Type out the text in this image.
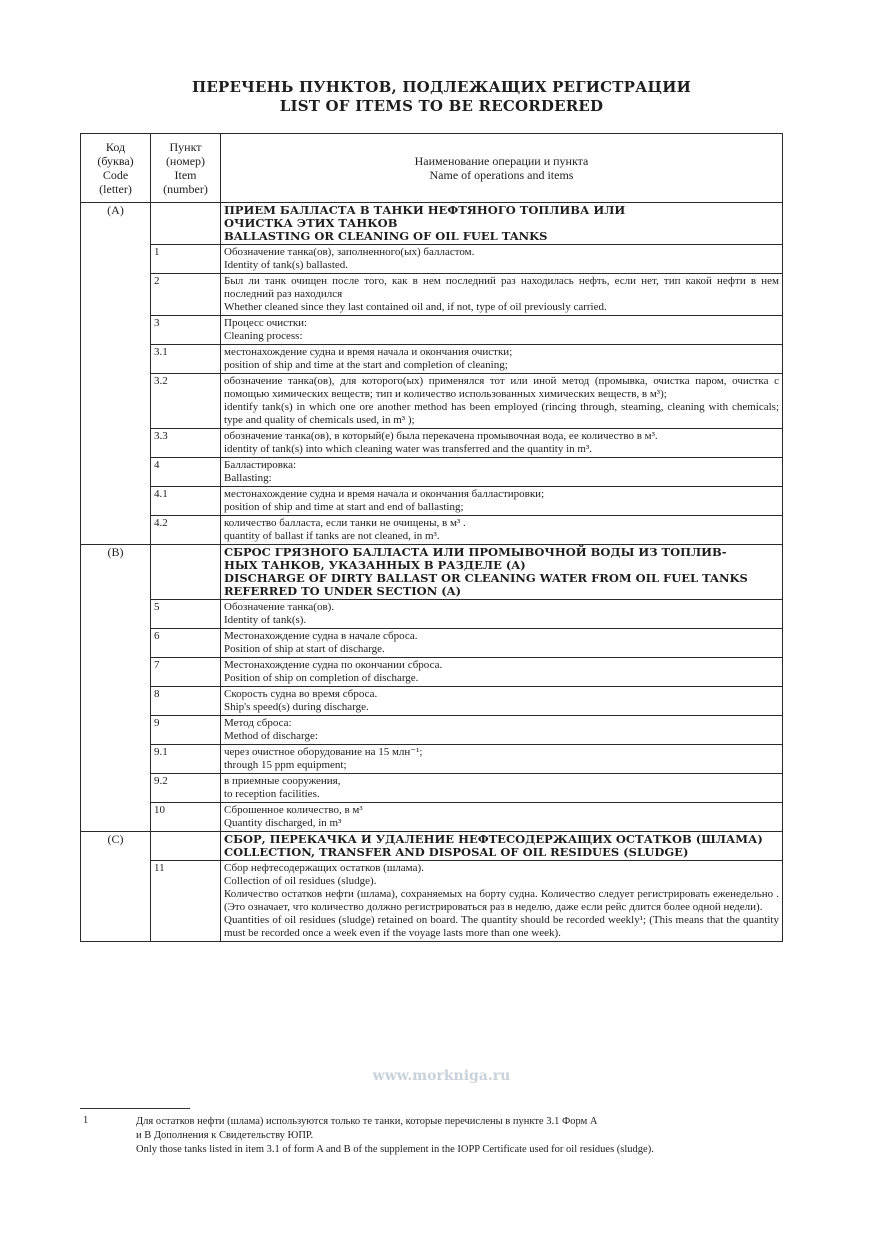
ПЕРЕЧЕНЬ ПУНКТОВ, ПОДЛЕЖАЩИХ РЕГИСТРАЦИИ
LIST OF ITEMS TO BE RECORDERED
Код
(буква)
Code
(letter)	Пункт
(номер)
Item
(number)	Наименование операции и пункта
Name of operations and items

(A)		ПРИЕМ БАЛЛАСТА В ТАНКИ НЕФТЯНОГО ТОПЛИВА ИЛИ
ОЧИСТКА ЭТИХ ТАНКОВ
BALLASTING OR CLEANING OF OIL FUEL TANKS

	1	Обозначение танка(ов), заполненного(ых) балластом.
Identity of tank(s) ballasted.

	2	Был ли танк очищен после того, как в нем последний раз находилась нефть, если нет, тип какой нефти в нем последний раз находился
Whether cleaned since they last contained oil and, if not, type of oil previously carried.

	3	Процесс очистки:
Cleaning process:

	3.1	местонахождение судна и время начала и окончания очистки;
position of ship and time at the start and completion of cleaning;

	3.2	обозначение танка(ов), для которого(ых) применялся тот или иной метод (промывка, очистка паром, очистка с помощью химических веществ; тип и количество использованных химических веществ, в м³);
identify tank(s) in which one ore another method has been employed (rincing through, steaming, cleaning with chemicals; type and quality of chemicals used, in m³ );

	3.3	обозначение танка(ов), в который(е) была перекачена промывочная вода, ее количество в м³.
identity of tank(s) into which cleaning water was transferred and the quantity in m³.

	4	Балластировка:
Ballasting:

	4.1	местонахождение судна и время начала и окончания балластировки;
position of ship and time at start and end of ballasting;

	4.2	количество балласта, если танки не очищены, в м³ .
quantity of ballast if tanks are not cleaned, in m³.

(B)		СБРОС ГРЯЗНОГО БАЛЛАСТА ИЛИ ПРОМЫВОЧНОЙ ВОДЫ ИЗ ТОПЛИВ-
НЫХ ТАНКОВ, УКАЗАННЫХ В РАЗДЕЛЕ (A)
DISCHARGE OF DIRTY BALLAST OR CLEANING WATER FROM OIL FUEL TANKS
REFERRED TO UNDER SECTION (A)

	5	Обозначение танка(ов).
Identity of tank(s).

	6	Местонахождение судна в начале сброса.
Position of ship at start of discharge.

	7	Местонахождение судна по окончании сброса.
Position of ship on completion of discharge.

	8	Скорость судна во время сброса.
Ship's speed(s) during discharge.

	9	Метод сброса:
Method of discharge:

	9.1	через очистное оборудование на 15 млн⁻¹;
through 15 ppm equipment;

	9.2	в приемные сооружения,
to reception facilities.

	10	Сброшенное количество, в м³
Quantity discharged, in m³

(C)		СБОР, ПЕРЕКАЧКА И УДАЛЕНИЕ НЕФТЕСОДЕРЖАЩИХ ОСТАТКОВ (ШЛАМА)
COLLECTION, TRANSFER AND DISPOSAL OF OIL RESIDUES (SLUDGE)

	11	Сбор нефтесодержащих остатков (шлама).
Collection of oil residues (sludge).
Количество остатков нефти (шлама), сохраняемых на борту судна. Количество следует регистрировать еженедельно . (Это означает, что количество должно регистрироваться раз в неделю, даже если рейс длится более одной недели).
Quantities of oil residues (sludge) retained on board. The quantity should be recorded weekly¹; (This means that the quantity must be recorded once a week even if the voyage lasts more than one week).
www.morkniga.ru
1	Для остатков нефти (шлама) используются только те танки, которые перечислены в пункте 3.1 Форм А
и В Дополнения к Свидетельству ЮПР.
Only those tanks listed in item 3.1 of form A and B of the supplement in the IOPP Certificate used for oil residues (sludge).
